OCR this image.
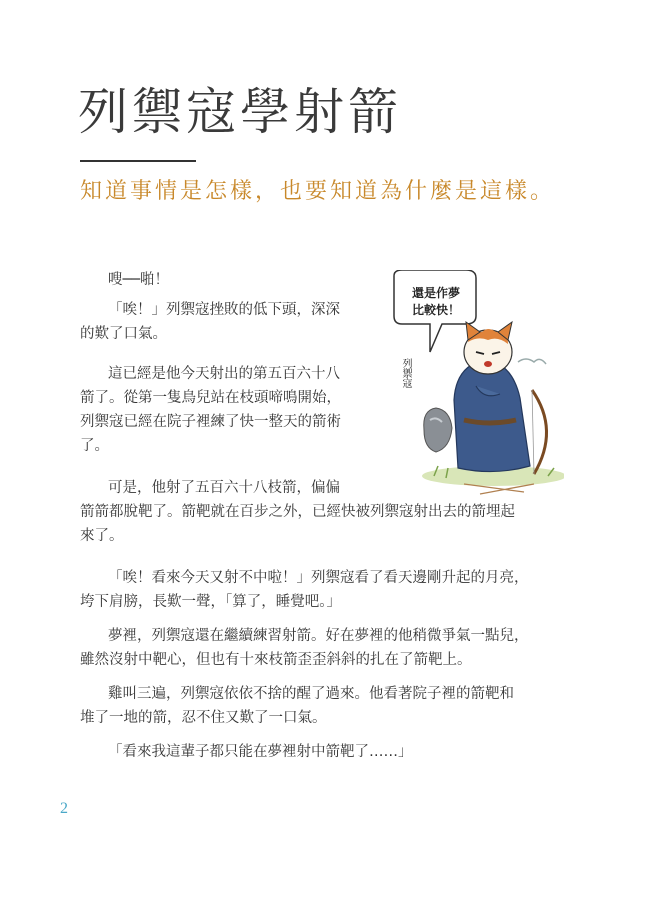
列禦寇學射箭

知道事情是怎樣，也要知道為什麼是這樣。

還是作夢
比較快！
列禦寇

嗖──啪！

「唉！」列禦寇挫敗的低下頭，深深
的歎了口氣。

這已經是他今天射出的第五百六十八
箭了。從第一隻鳥兒站在枝頭啼鳴開始，
列禦寇已經在院子裡練了快一整天的箭術
了。

可是，他射了五百六十八枝箭，偏偏
箭箭都脫靶了。箭靶就在百步之外，已經快被列禦寇射出去的箭埋起
來了。

「唉！看來今天又射不中啦！」列禦寇看了看天邊剛升起的月亮，
垮下肩膀，長歎一聲，「算了，睡覺吧。」

夢裡，列禦寇還在繼續練習射箭。好在夢裡的他稍微爭氣一點兒，
雖然沒射中靶心，但也有十來枝箭歪歪斜斜的扎在了箭靶上。

雞叫三遍，列禦寇依依不捨的醒了過來。他看著院子裡的箭靶和
堆了一地的箭，忍不住又歎了一口氣。

「看來我這輩子都只能在夢裡射中箭靶了……」

2
